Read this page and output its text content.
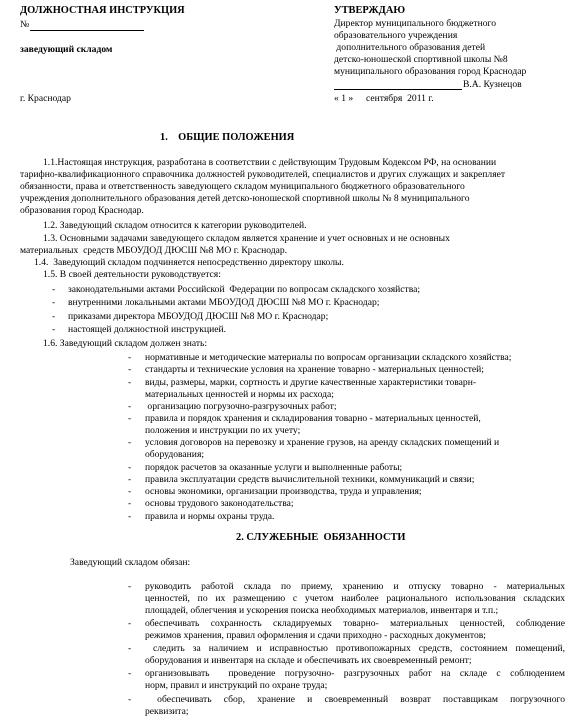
ДОЛЖНОСТНАЯ ИНСТРУКЦИЯ
№
заведующий складом
г. Краснодар
УТВЕРЖДАЮ
Директор муниципального бюджетного
образовательного учреждения
дополнительного образования детей
детско-юношеской спортивной школы №8
муниципального образования город Краснодар
В.А. Кузнецов
« 1 » сентября  2011 г.
1.    ОБЩИЕ ПОЛОЖЕНИЯ
1.1.Настоящая инструкция, разработана в соответствии с действующим Трудовым Кодексом РФ, на основании
тарифно-квалификационного справочника должностей руководителей, специалистов и других служащих и закрепляет
обязанности, права и ответственность заведующего складом муниципального бюджетного образовательного
учреждения дополнительного образования детей детско-юношеской спортивной школы № 8 муниципального
образования город Краснодар.
1.2. Заведующий складом относится к категории руководителей.
1.3. Основными задачами заведующего складом является хранение и учет основных и не основных
материальных  средств МБОУДОД ДЮСШ №8 МО г. Краснодар.
1.4.  Заведующий складом подчиняется непосредственно директору школы.
1.5. В своей деятельности руководствуется:
- законодательными актами Российской  Федерации по вопросам складского хозяйства;
- внутренними локальными актами МБОУДОД ДЮСШ №8 МО г. Краснодар;
- приказами директора МБОУДОД ДЮСШ №8 МО г. Краснодар;
- настоящей должностной инструкцией.
1.6. Заведующий складом должен знать:
- нормативные и методические материалы по вопросам организации складского хозяйства;
- стандарты и технические условия на хранение товарно - материальных ценностей;
- виды, размеры, марки, сортность и другие качественные характеристики товарн-
материальных ценностей и нормы их расхода;
- организацию погрузочно-разгрузочных работ;
- правила и порядок хранения и складирования товарно - материальных ценностей,
положения и инструкции по их учету;
- условия договоров на перевозку и хранение грузов, на аренду складских помещений и
оборудования;
- порядок расчетов за оказанные услуги и выполненные работы;
- правила эксплуатации средств вычислительной техники, коммуникаций и связи;
- основы экономики, организации производства, труда и управления;
- основы трудового законодательства;
- правила и нормы охраны труда.
2. СЛУЖЕБНЫЕ  ОБЯЗАННОСТИ
Заведующий складом обязан:
- руководить работой склада по приему, хранению и отпуску товарно - материальных
ценностей, по их размещению с учетом наиболее рационального использования складских
площадей, облегчения и ускорения поиска необходимых материалов, инвентаря и т.п.;
- обеспечивать сохранность складируемых товарно- материальных ценностей, соблюдение
режимов хранения, правил оформления и сдачи приходно - расходных документов;
- следить за наличием и исправностью противопожарных средств, состоянием помещений,
оборудования и инвентаря на складе и обеспечивать их своевременный ремонт;
- организовывать  проведение погрузочно- разгрузочных работ на складе с соблюдением
норм, правил и инструкций по охране труда;
- обеспечивать сбор, хранение и своевременный возврат поставщикам погрузочного
реквизита;
